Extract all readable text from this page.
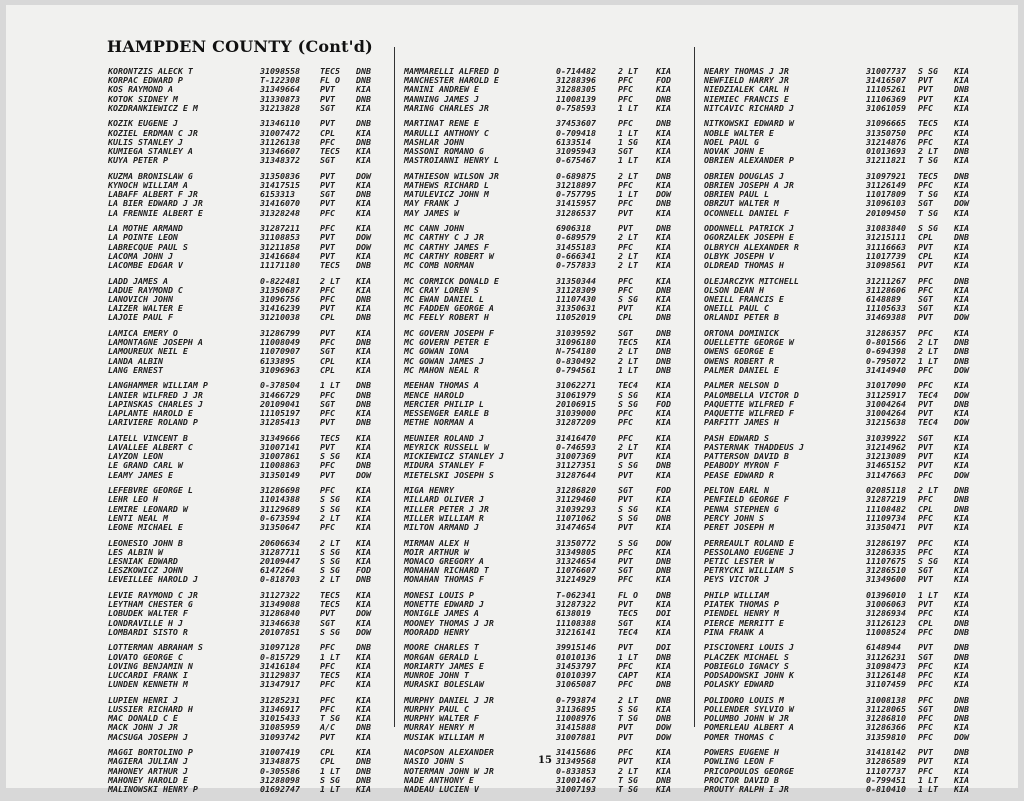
HAMPDEN COUNTY (Cont'd)
KORONTZIS ALECK T	31098558	TEC5	DNB
KORPAC EDWARD P	T-122308	FL O	DNB
KOS RAYMOND A	31349664	PVT	KIA
KOTOK SIDNEY M	31330873	PVT	DNB
KOZDRANKIEWICZ E M	31213828	SGT	KIA
KOZIK EUGENE J	31346110	PVT	DNB
KOZIEL ERDMAN C JR	31007472	CPL	KIA
KULIS STANLEY J	31126138	PFC	DNB
KUMIEGA STANLEY A	31346607	TEC5	KIA
KUYA PETER P	31348372	SGT	KIA
KUZMA BRONISLAW G	31350836	PVT	DOW
KYNOCH WILLIAM A	31417515	PVT	KIA
LABAFF ALBERT F JR	6153313	SGT	DNB
LA BIER EDWARD J JR	31416070	PVT	KIA
LA FRENNIE ALBERT E	31328248	PFC	KIA
LA MOTHE ARMAND	31287211	PFC	KIA
LA POINTE LEON	31108853	PVT	DOW
LABRECQUE PAUL S	31211858	PVT	DOW
LACOMA JOHN J	31416684	PVT	KIA
LACOMBE EDGAR V	11171180	TEC5	DNB
LADD JAMES A	0-822481	2 LT	KIA
LADUE RAYMOND C	31350687	PFC	KIA
LANOVICH JOHN	31096756	PFC	DNB
LAIZER WALTER E	31416239	PVT	KIA
LAJOIE PAUL F	31210038	CPL	DNB
LAMICA EMERY O	31286799	PVT	KIA
LAMONTAGNE JOSEPH A	11008049	PFC	DNB
LAMOUREUX NEIL E	11070907	SGT	KIA
LANDA ALBIN	6133895	CPL	KIA
LANG ERNEST	31096963	CPL	KIA
LANGHAMMER WILLIAM P	0-378504	1 LT	DNB
LANIER WILFRED J JR	31466729	PFC	DNB
LAPINSKAS CHARLES J	20109041	SGT	DNB
LAPLANTE HAROLD E	11105197	PFC	KIA
LARIVIERE ROLAND P	31285413	PVT	DNB
LATELL VINCENT B	31349666	TEC5	KIA
LAVALLEE ALBERT C	31007141	PVT	KIA
LAYZON LEON	31007861	S SG	KIA
LE GRAND CARL W	11008863	PFC	DNB
LEAMY JAMES E	31350149	PVT	DOW
LEFEBVRE GEORGE L	31286698	PFC	KIA
LEHR LEO H	11014388	S SG	KIA
LEMIRE LEONARD W	31129689	S SG	KIA
LENTI NEAL M	0-673594	2 LT	KIA
LEONE MICHAEL E	31350647	PFC	KIA
LEONESIO JOHN B	20606634	2 LT	KIA
LES ALBIN W	31287711	S SG	KIA
LESNIAK EDWARD	20109447	S SG	KIA
LESZKOWICZ JOHN	6147264	S SG	FOD
LEVEILLEE HAROLD J	0-818703	2 LT	DNB
LEVIE RAYMOND C JR	31127322	TEC5	KIA
LEYTHAM CHESTER G	31349088	TEC5	KIA
LOBUDEK WALTER F	31286840	PVT	DOW
LONDRAVILLE H J	31346638	SGT	KIA
LOMBARDI SISTO R	20107851	S SG	DOW
LOTTERMAN ABRAHAM S	31097128	PFC	DNB
LOVATO GEORGE C	0-815729	1 LT	KIA
LOVING BENJAMIN N	31416184	PFC	KIA
LUCCARDI FRANK I	31129837	TEC5	KIA
LUNDEN KENNETH M	31347917	PFC	KIA
LUPIEN HENRI J	31285231	PFC	KIA
LUSSIER RICHARD H	31346917	PFC	KIA
MAC DONALD C E	31015433	T SG	KIA
MACK JOHN J JR	31085959	A/C	DNB
MACSUGA JOSEPH J	31093742	PVT	KIA
MAGGI BORTOLINO P	31007419	CPL	KIA
MAGIERA JULIAN J	31348875	CPL	DNB
MAHONEY ARTHUR J	0-305586	1 LT	DNB
MAHONEY HAROLD E	31288098	S SG	DNB
MALINOWSKI HENRY P	01692747	1 LT	KIA
MAMMARELLI ALFRED D	0-714482	2 LT	KIA
MANCHESTER HAROLD E	31288396	PFC	FOD
MANINI ANDREW E	31288305	PFC	KIA
MANNING JAMES J	11008139	PFC	DNB
MARING CHARLES JR	0-758593	1 LT	KIA
MARTINAT RENE E	37453607	PFC	DNB
MARULLI ANTHONY C	0-709418	1 LT	KIA
MASHLAR JOHN	6133514	1 SG	KIA
MASSONI ROMANO G	31095943	SGT	KIA
MASTROIANNI HENRY L	0-675467	1 LT	KIA
MATHIESON WILSON JR	0-689875	2 LT	DNB
MATHEWS RICHARD L	31218897	PFC	KIA
MATULEVICZ JOHN M	0-757795	1 LT	DOW
MAY FRANK J	31415957	PFC	DNB
MAY JAMES W	31286537	PVT	KIA
MC CANN JOHN	6906318	PVT	DNB
MC CARTHY C J JR	0-689579	2 LT	KIA
MC CARTHY JAMES F	31455183	PFC	KIA
MC CARTHY ROBERT W	0-666341	2 LT	KIA
MC COMB NORMAN	0-757833	2 LT	KIA
MC CORMICK DONALD E	31350344	PFC	KIA
MC CRAY LOREN S	31128309	PFC	DNB
MC EWAN DANIEL L	11107430	S SG	KIA
MC FADDEN GEORGE A	31350631	PVT	KIA
MC FEELY ROBERT H	11052019	CPL	DNB
MC GOVERN JOSEPH F	31039592	SGT	DNB
MC GOVERN PETER E	31096180	TEC5	KIA
MC GOWAN IONA	N-754180	2 LT	DNB
MC GOWAN JAMES J	0-830492	2 LT	DNB
MC MAHON NEAL R	0-794561	1 LT	DNB
MEEHAN THOMAS A	31062271	TEC4	KIA
MENCE HAROLD	31061979	S SG	KIA
MERCIER PHILIP L	20106915	S SG	FOD
MESSENGER EARLE B	31039000	PFC	KIA
METHE NORMAN A	31287209	PFC	KIA
MEUNIER ROLAND J	31416470	PFC	KIA
MEYRICK RUSSELL W	0-746593	2 LT	KIA
MICKIEWICZ STANLEY J	31007369	PVT	KIA
MIDURA STANLEY F	31127351	S SG	DNB
MIETELSKI JOSEPH S	31287644	PVT	KIA
MIGA HENRY	31286820	SGT	FOD
MILLARD OLIVER J	31129460	PVT	KIA
MILLER PETER J JR	31039293	S SG	KIA
MILLER WILLIAM R	11071062	S SG	DNB
MILTON ARMAND J	31474654	PVT	KIA
MIRMAN ALEX H	31350772	S SG	DOW
MOIR ARTHUR W	31349805	PFC	KIA
MONACO GREGORY A	31324654	PVT	DNB
MONAHAN RICHARD T	11076607	SGT	DNB
MONAHAN THOMAS F	31214929	PFC	KIA
MONESI LOUIS P	T-062341	FL O	DNB
MONETTE EDWARD J	31287322	PVT	KIA
MONIGLE JAMES A	6138019	TEC5	DOI
MOONEY THOMAS J JR	11108388	SGT	KIA
MOORADD HENRY	31216141	TEC4	KIA
MOORE CHARLES T	39915146	PVT	DOI
MORGAN GERALD L	01010136	1 LT	DNB
MORIARTY JAMES E	31453797	PFC	KIA
MUNROE JOHN T	01010397	CAPT	KIA
MURASKI BOLESLAW	31065087	PFC	DNB
MURPHY DANIEL J JR	0-793874	2 LT	DNB
MURPHY PAUL C	31136895	S SG	KIA
MURPHY WALTER F	11008976	T SG	DNB
MURRAY HENRY M	31415888	PVT	DOW
MUSIAK WILLIAM M	31007881	PVT	DOW
NACOPSON ALEXANDER	31415686	PFC	KIA
NASIO JOHN S	31349568	PVT	KIA
NOTERMAN JOHN W JR	0-833853	2 LT	KIA
NADE ANTHONY E	31001467	T SG	DNB
NADEAU LUCIEN V	31007193	T SG	KIA
NEARY THOMAS J JR	31007737	S SG	KIA
NEWFIELD HARRY JR	31416507	PVT	KIA
NIEDZIALEK CARL H	11105261	PVT	DNB
NIEMIEC FRANCIS E	11106369	PVT	KIA
NITCAVIC RICHARD J	31061059	PFC	KIA
NITKOWSKI EDWARD W	31096665	TEC5	KIA
NOBLE WALTER E	31350750	PFC	KIA
NOEL PAUL G	31214876	PFC	KIA
NOVAK JOHN E	01013693	2 LT	DNB
OBRIEN ALEXANDER P	31211821	T SG	KIA
OBRIEN DOUGLAS J	31097921	TEC5	DNB
OBRIEN JOSEPH A JR	31126149	PFC	KIA
OBRIEN PAUL L	11017809	T SG	KIA
OBRZUT WALTER M	31096103	SGT	DOW
OCONNELL DANIEL F	20109450	T SG	KIA
ODONNELL PATRICK J	31083840	S SG	KIA
OGORZALEK JOSEPH E	31215111	CPL	DNB
OLBRYCH ALEXANDER R	31116663	PVT	KIA
OLBYK JOSEPH V	11017739	CPL	KIA
OLDREAD THOMAS H	31098561	PVT	KIA
OLEJARCZYK MITCHELL	31211267	PFC	DNB
OLSON DEAN H	31128606	PFC	KIA
ONEILL FRANCIS E	6148889	SGT	KIA
ONEILL PAUL C	11105633	SGT	KIA
ORLANDI PETER B	31469388	PVT	DOW
ORTONA DOMINICK	31286357	PFC	KIA
OUELLETTE GEORGE W	0-801566	2 LT	DNB
OWENS GEORGE E	0-694398	2 LT	DNB
OWENS ROBERT R	0-795072	1 LT	DNB
PALMER DANIEL E	31414940	PFC	DOW
PALMER NELSON D	31017090	PFC	KIA
PALOMBELLA VICTOR D	31125917	TEC4	DOW
PAQUETTE WILFRED F	31004264	PVT	DNB
PAQUETTE WILFRED F	31004264	PVT	KIA
PARFITT JAMES H	31215638	TEC4	DOW
PASH EDWARD S	31039922	SGT	KIA
PASTERNAK THADDEUS J	31214962	PVT	KIA
PATTERSON DAVID B	31213089	PVT	KIA
PEABODY MYRON F	31465152	PVT	KIA
PEASE EDWARD R	31147663	PFC	DOW
PELTON EARL N	02085118	2 LT	DNB
PENFIELD GEORGE F	31287219	PFC	DNB
PENNA STEPHEN G	11108482	CPL	DNB
PERCY JOHN S	11109734	PFC	KIA
PERET JOSEPH M	31350471	PVT	KIA
PERREAULT ROLAND E	31286197	PFC	KIA
PESSOLANO EUGENE J	31286335	PFC	KIA
PETIC LESTER W	11107675	S SG	KIA
PETRYCKI WILLIAM S	31286510	SGT	KIA
PEYS VICTOR J	31349600	PVT	KIA
PHILP WILLIAM	01396010	1 LT	KIA
PIATEK THOMAS P	31006063	PVT	KIA
PIENDEL HENRY M	31286934	PFC	KIA
PIERCE MERRITT E	31126123	CPL	DNB
PINA FRANK A	11008524	PFC	DNB
PISCIONERI LOUIS J	6148944	PVT	DNB
PLACZEK MICHAEL S	31126231	SGT	DNB
POBIEGLO IGNACY S	31098473	PFC	KIA
PODSADOWSKI JOHN K	31126148	PFC	KIA
POLASKY EDWARD	31107459	PFC	KIA
POLIDORO LOUIS M	31008138	PFC	DNB
POLLENDER SYLVIO W	31128065	SGT	DNB
POLUMBO JOHN W JR	31286810	PFC	DNB
POMERLEAU ALBERT A	31286366	PFC	KIA
POMER THOMAS C	31359810	PFC	DOW
POWERS EUGENE H	31418142	PVT	DNB
POWLING LEON F	31286589	PVT	KIA
PRICOPOULOS GEORGE	11107737	PFC	KIA
PROCTOR DAVID B	0-799451	1 LT	KIA
PROUTY RALPH I JR	0-810410	1 LT	KIA
15
